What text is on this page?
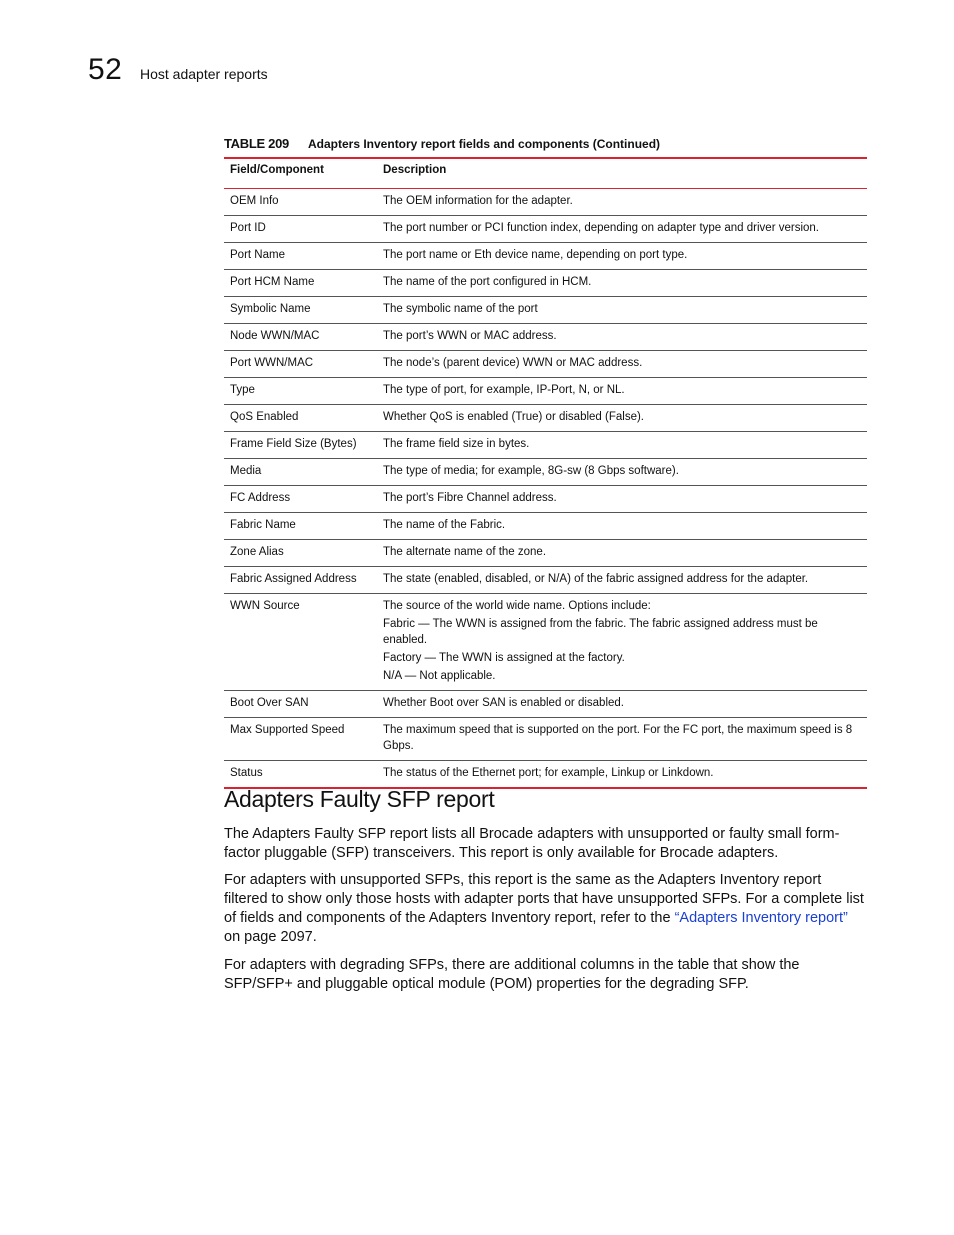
52 Host adapter reports
TABLE 209 Adapters Inventory report fields and components (Continued)
Field/Component	Description
OEM Info	The OEM information for the adapter.

Port ID	The port number or PCI function index, depending on adapter type and driver version.

Port Name	The port name or Eth device name, depending on port type.

Port HCM Name	The name of the port configured in HCM.

Symbolic Name	The symbolic name of the port

Node WWN/MAC	The port’s WWN or MAC address.

Port WWN/MAC	The node’s (parent device) WWN or MAC address.

Type	The type of port, for example, IP-Port, N, or NL.

QoS Enabled	Whether QoS is enabled (True) or disabled (False).

Frame Field Size (Bytes)	The frame field size in bytes.

Media	The type of media; for example, 8G-sw (8 Gbps software).

FC Address	The port’s Fibre Channel address.

Fabric Name	The name of the Fabric.

Zone Alias	The alternate name of the zone.

Fabric Assigned Address	The state (enabled, disabled, or N/A) of the fabric assigned address for the adapter.

WWN Source	The source of the world wide name. Options include:

Fabric — The WWN is assigned from the fabric. The fabric assigned address must be enabled.

Factory — The WWN is assigned at the factory.

N/A — Not applicable.

Boot Over SAN	Whether Boot over SAN is enabled or disabled.

Max Supported Speed	The maximum speed that is supported on the port. For the FC port, the maximum speed is 8 Gbps.

Status	The status of the Ethernet port; for example, Linkup or Linkdown.

Adapters Faulty SFP report

The Adapters Faulty SFP report lists all Brocade adapters with unsupported or faulty small form-factor pluggable (SFP) transceivers. This report is only available for Brocade adapters.

For adapters with unsupported SFPs, this report is the same as the Adapters Inventory report filtered to show only those hosts with adapter ports that have unsupported SFPs. For a complete list of fields and components of the Adapters Inventory report, refer to the “Adapters Inventory report” on page 2097.

For adapters with degrading SFPs, there are additional columns in the table that show the SFP/SFP+ and pluggable optical module (POM) properties for the degrading SFP.
